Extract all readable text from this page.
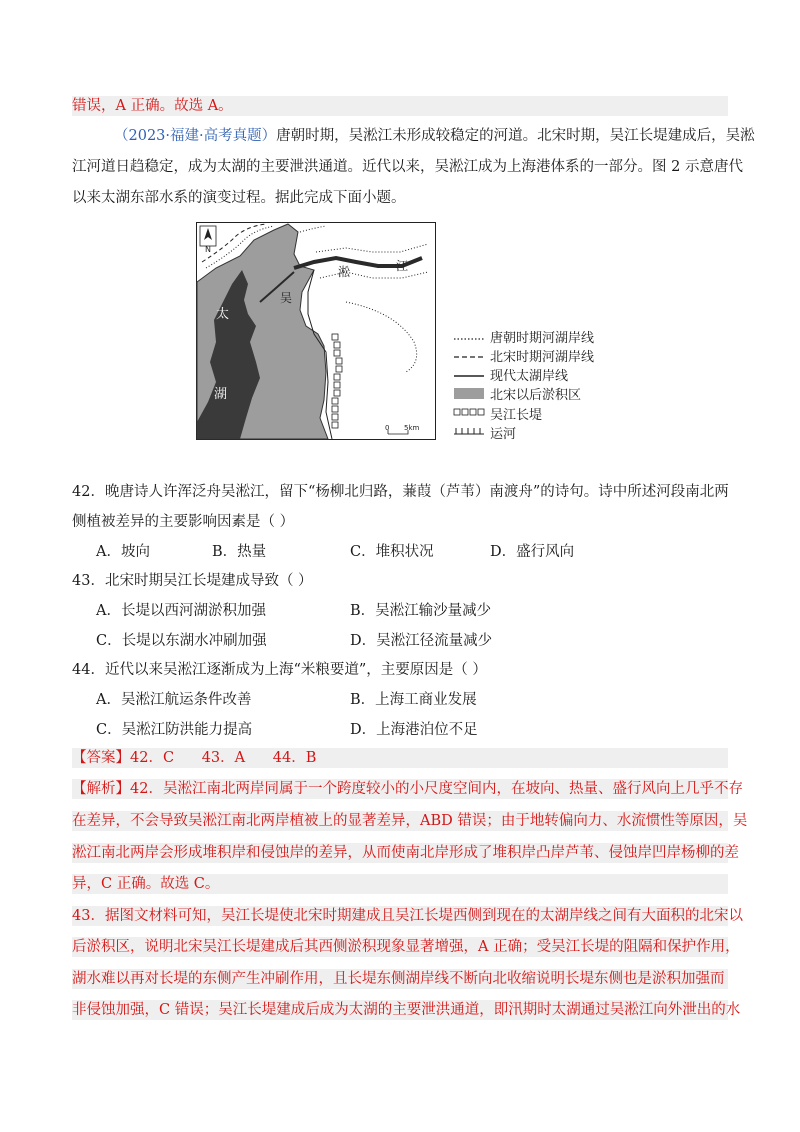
错误，A 正确。故选 A。
（2023·福建·高考真题）唐朝时期，吴淞江未形成较稳定的河道。北宋时期，吴江长堤建成后，吴淞
江河道日趋稳定，成为太湖的主要泄洪通道。近代以来，吴淞江成为上海港体系的一部分。图 2 示意唐代
以来太湖东部水系的演变过程。据此完成下面小题。
N
太
湖
吴
淞	江
0 5km
唐朝时期河湖岸线
北宋时期河湖岸线
现代太湖岸线
北宋以后淤积区
吴江长堤
运河
42．晚唐诗人许浑泛舟吴淞江，留下“杨柳北归路，蒹葭（芦苇）南渡舟”的诗句。诗中所述河段南北两
侧植被差异的主要影响因素是（ ）
A．坡向	B．热量	C．堆积状况	D．盛行风向
43．北宋时期吴江长堤建成导致（ ）
A．长堤以西河湖淤积加强	B．吴淞江输沙量减少
C．长堤以东湖水冲刷加强	D．吴淞江径流量减少
44．近代以来吴淞江逐渐成为上海“米粮要道”，主要原因是（ ）
A．吴淞江航运条件改善	B．上海工商业发展
C．吴淞江防洪能力提高	D．上海港泊位不足
【答案】42．C      43．A      44．B
【解析】42．吴淞江南北两岸同属于一个跨度较小的小尺度空间内，在坡向、热量、盛行风向上几乎不存
在差异，不会导致吴淞江南北两岸植被上的显著差异，ABD 错误；由于地转偏向力、水流惯性等原因，吴
淞江南北两岸会形成堆积岸和侵蚀岸的差异，从而使南北岸形成了堆积岸凸岸芦苇、侵蚀岸凹岸杨柳的差
异，C 正确。故选 C。
43．据图文材料可知，吴江长堤使北宋时期建成且吴江长堤西侧到现在的太湖岸线之间有大面积的北宋以
后淤积区，说明北宋吴江长堤建成后其西侧淤积现象显著增强，A 正确；受吴江长堤的阻隔和保护作用，
湖水难以再对长堤的东侧产生冲刷作用，且长堤东侧湖岸线不断向北收缩说明长堤东侧也是淤积加强而
非侵蚀加强，C 错误；吴江长堤建成后成为太湖的主要泄洪通道，即汛期时太湖通过吴淞江向外泄出的水
